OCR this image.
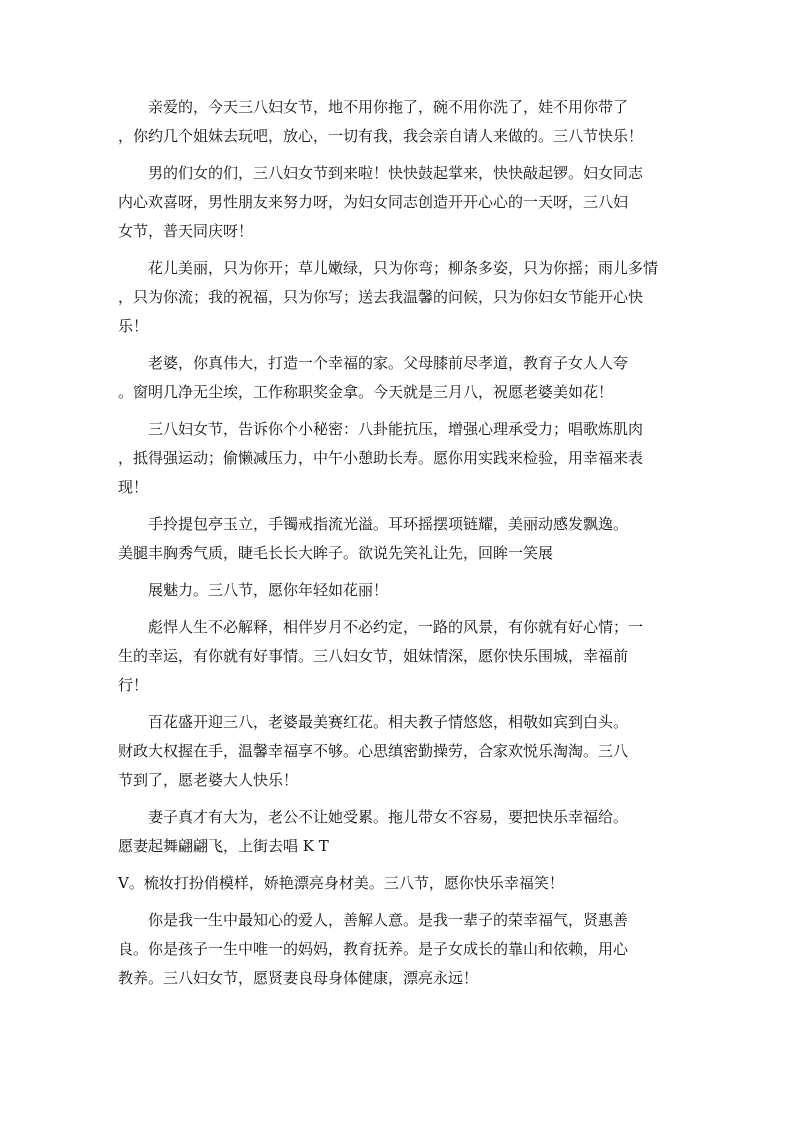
亲爱的，今天三八妇女节，地不用你拖了，碗不用你洗了，娃不用你带了
，你约几个姐妹去玩吧，放心，一切有我，我会亲自请人来做的。三八节快乐！
男的们女的们，三八妇女节到来啦！快快鼓起掌来，快快敲起锣。妇女同志
内心欢喜呀，男性朋友来努力呀，为妇女同志创造开开心心的一天呀，三八妇
女节，普天同庆呀！
花儿美丽，只为你开；草儿嫩绿，只为你弯；柳条多姿，只为你摇；雨儿多情
，只为你流；我的祝福，只为你写；送去我温馨的问候，只为你妇女节能开心快
乐！
老婆，你真伟大，打造一个幸福的家。父母膝前尽孝道，教育子女人人夸
。窗明几净无尘埃，工作称职奖金拿。今天就是三月八，祝愿老婆美如花！
三八妇女节，告诉你个小秘密：八卦能抗压，增强心理承受力；唱歌炼肌肉
，抵得强运动；偷懒减压力，中午小憩助长寿。愿你用实践来检验，用幸福来表
现！
手拎提包亭玉立，手镯戒指流光溢。耳环摇摆项链耀，美丽动感发飘逸。
美腿丰胸秀气质，睫毛长长大眸子。欲说先笑礼让先，回眸一笑展
展魅力。三八节，愿你年轻如花丽！
彪悍人生不必解释，相伴岁月不必约定，一路的风景，有你就有好心情；一
生的幸运，有你就有好事情。三八妇女节，姐妹情深，愿你快乐围城，幸福前
行！
百花盛开迎三八，老婆最美赛红花。相夫教子情悠悠，相敬如宾到白头。
财政大权握在手，温馨幸福享不够。心思缜密勤操劳，合家欢悦乐淘淘。三八
节到了，愿老婆大人快乐！
妻子真才有大为，老公不让她受累。拖儿带女不容易，要把快乐幸福给。
愿妻起舞翩翩飞，上街去唱 K T
V。梳妆打扮俏模样，娇艳漂亮身材美。三八节，愿你快乐幸福笑！
你是我一生中最知心的爱人，善解人意。是我一辈子的荣幸福气，贤惠善
良。你是孩子一生中唯一的妈妈，教育抚养。是子女成长的靠山和依赖，用心
教养。三八妇女节，愿贤妻良母身体健康，漂亮永远！
